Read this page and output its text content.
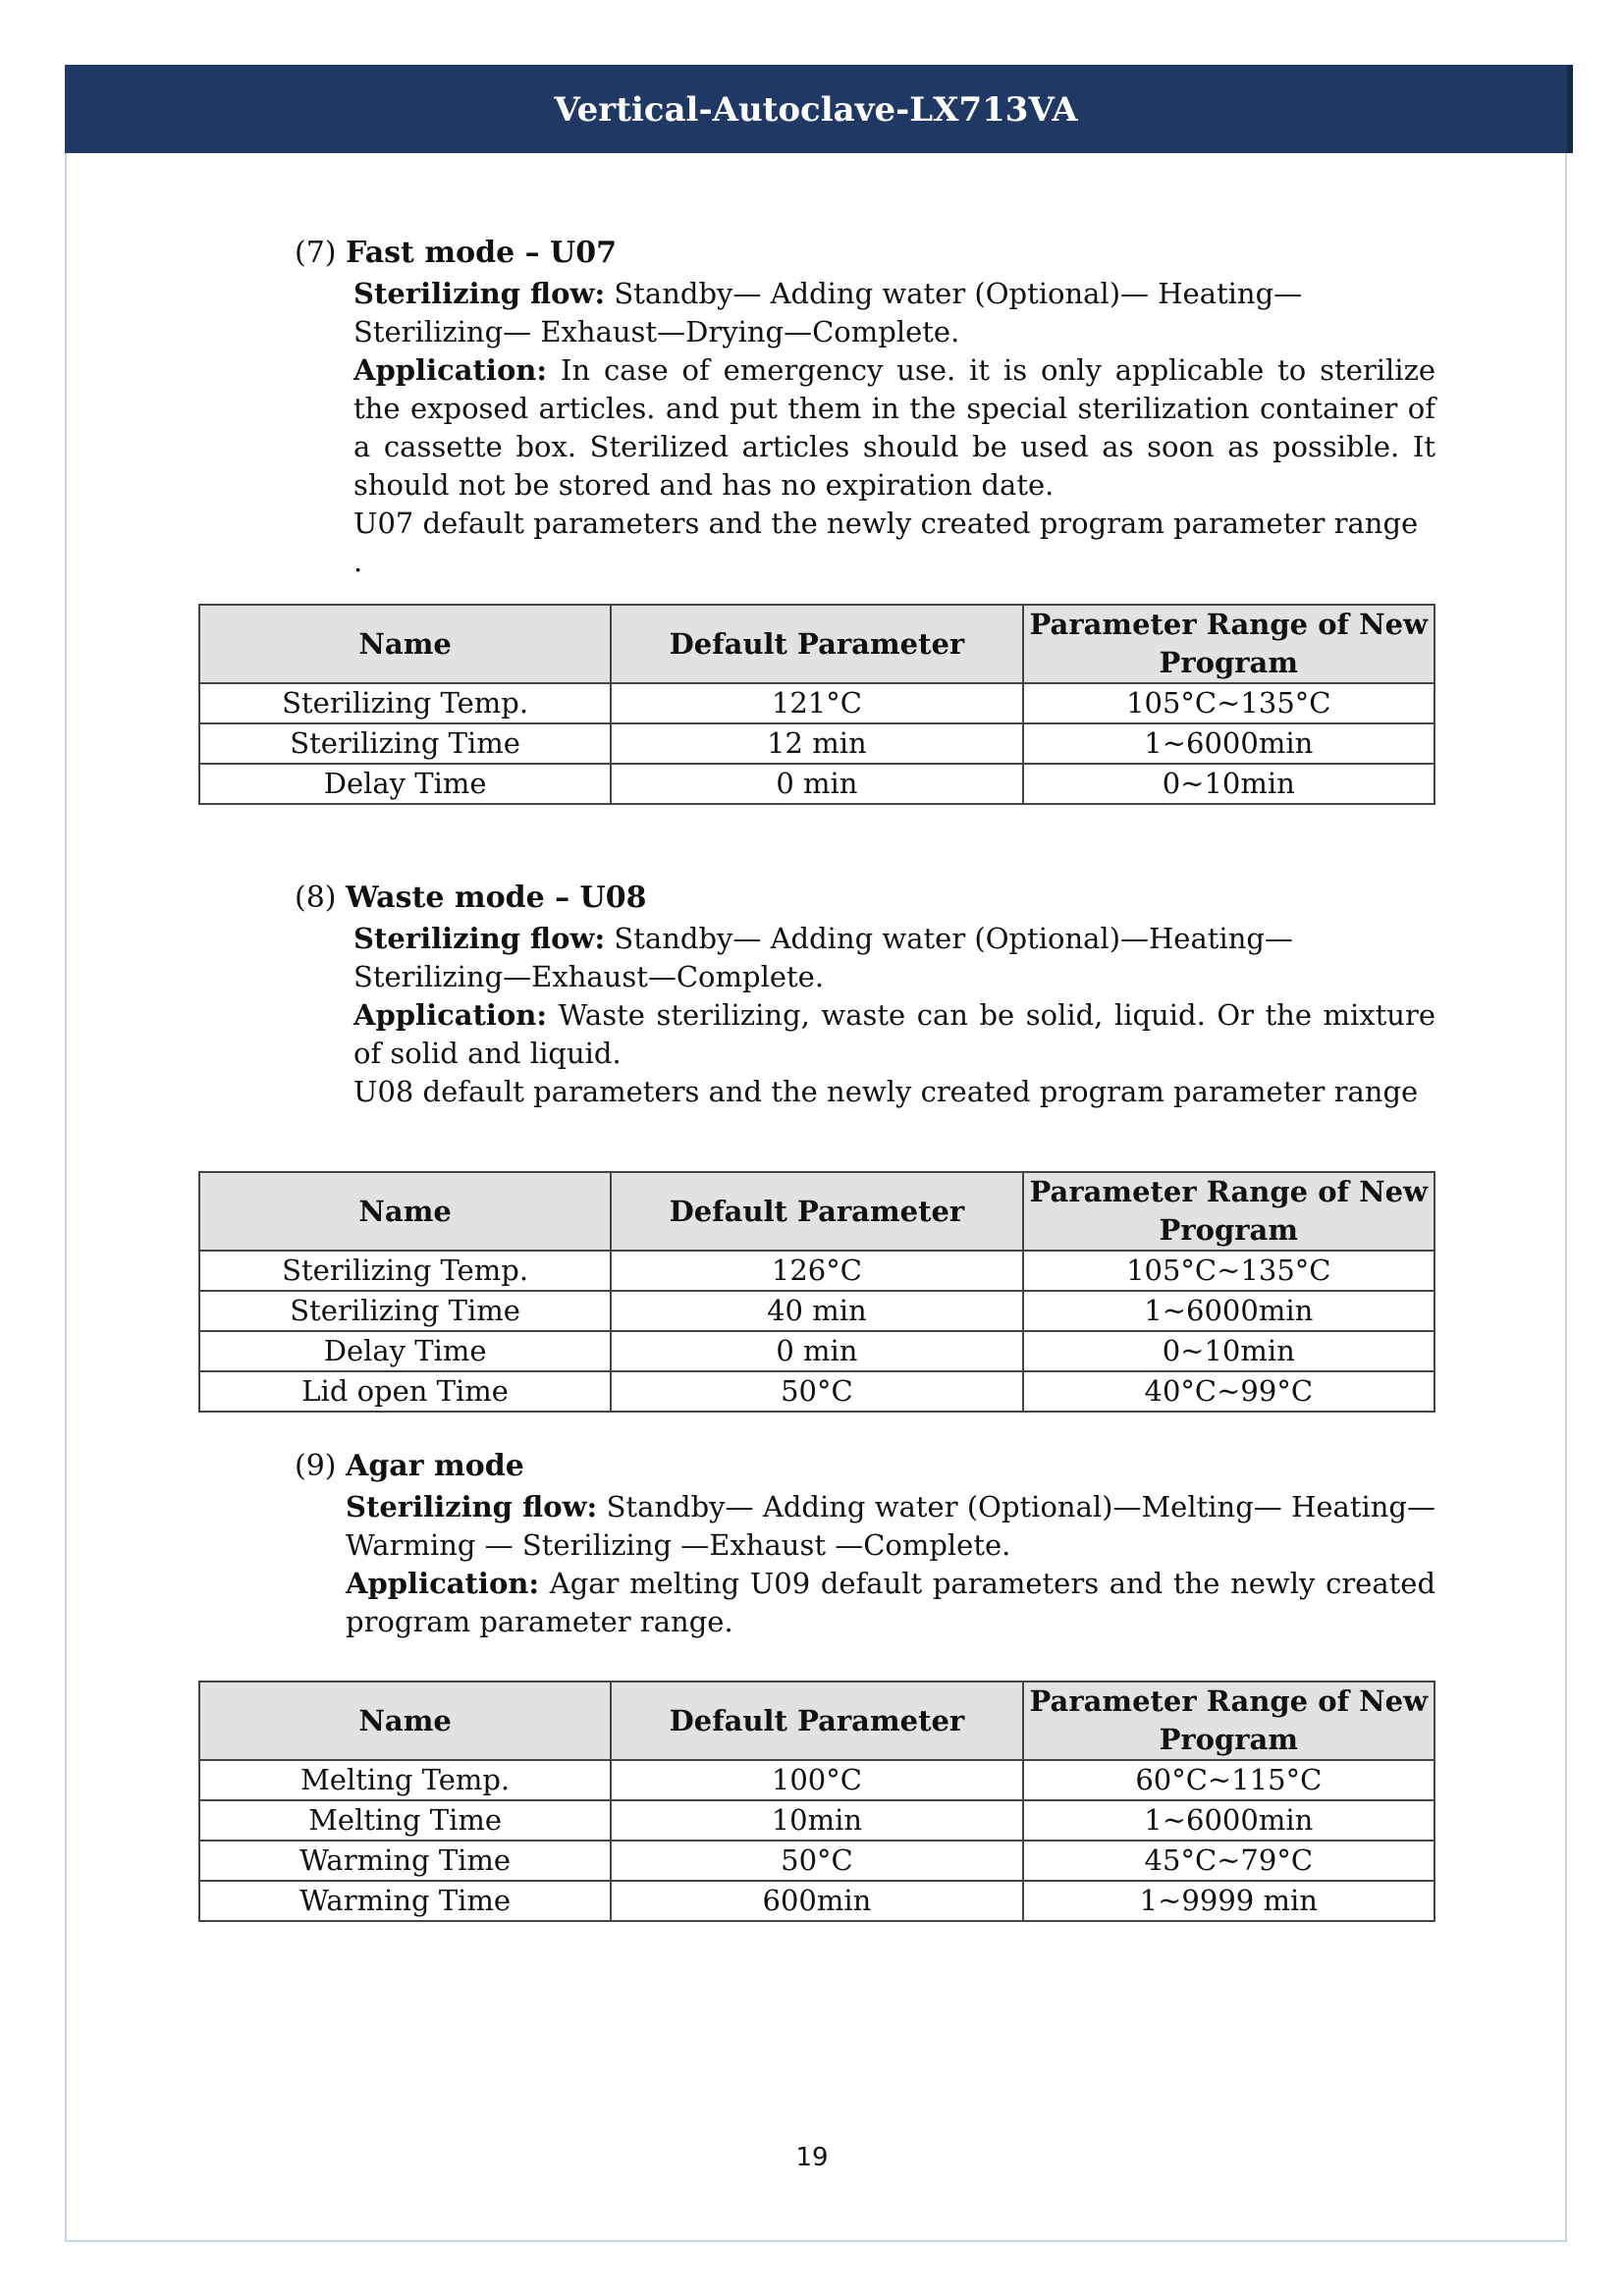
Vertical-Autoclave-LX713VA
(7) Fast mode – U07
Sterilizing flow: Standby— Adding water (Optional)— Heating—
Sterilizing— Exhaust—Drying—Complete.
Application: In case of emergency use. it is only applicable to sterilize the exposed articles. and put them in the special sterilization container of a cassette box. Sterilized articles should be used as soon as possible. It should not be stored and has no expiration date.
U07 default parameters and the newly created program parameter range .
Name	Default Parameter	Parameter Range of New Program
Sterilizing Temp.	121°C	105°C~135°C
Sterilizing Time	12 min	1~6000min
Delay Time	0 min	0~10min
(8) Waste mode – U08
Sterilizing flow: Standby— Adding water (Optional)—Heating—
Sterilizing—Exhaust—Complete.
Application: Waste sterilizing, waste can be solid, liquid. Or the mixture of solid and liquid.
U08 default parameters and the newly created program parameter range
Name	Default Parameter	Parameter Range of New Program
Sterilizing Temp.	126°C	105°C~135°C
Sterilizing Time	40 min	1~6000min
Delay Time	0 min	0~10min
Lid open Time	50°C	40°C~99°C
(9) Agar mode
Sterilizing flow: Standby— Adding water (Optional)—Melting— Heating—Warming — Sterilizing —Exhaust —Complete.
Application: Agar melting U09 default parameters and the newly created program parameter range.
Name	Default Parameter	Parameter Range of New Program
Melting Temp.	100°C	60°C~115°C
Melting Time	10min	1~6000min
Warming Time	50°C	45°C~79°C
Warming Time	600min	1~9999 min
19
